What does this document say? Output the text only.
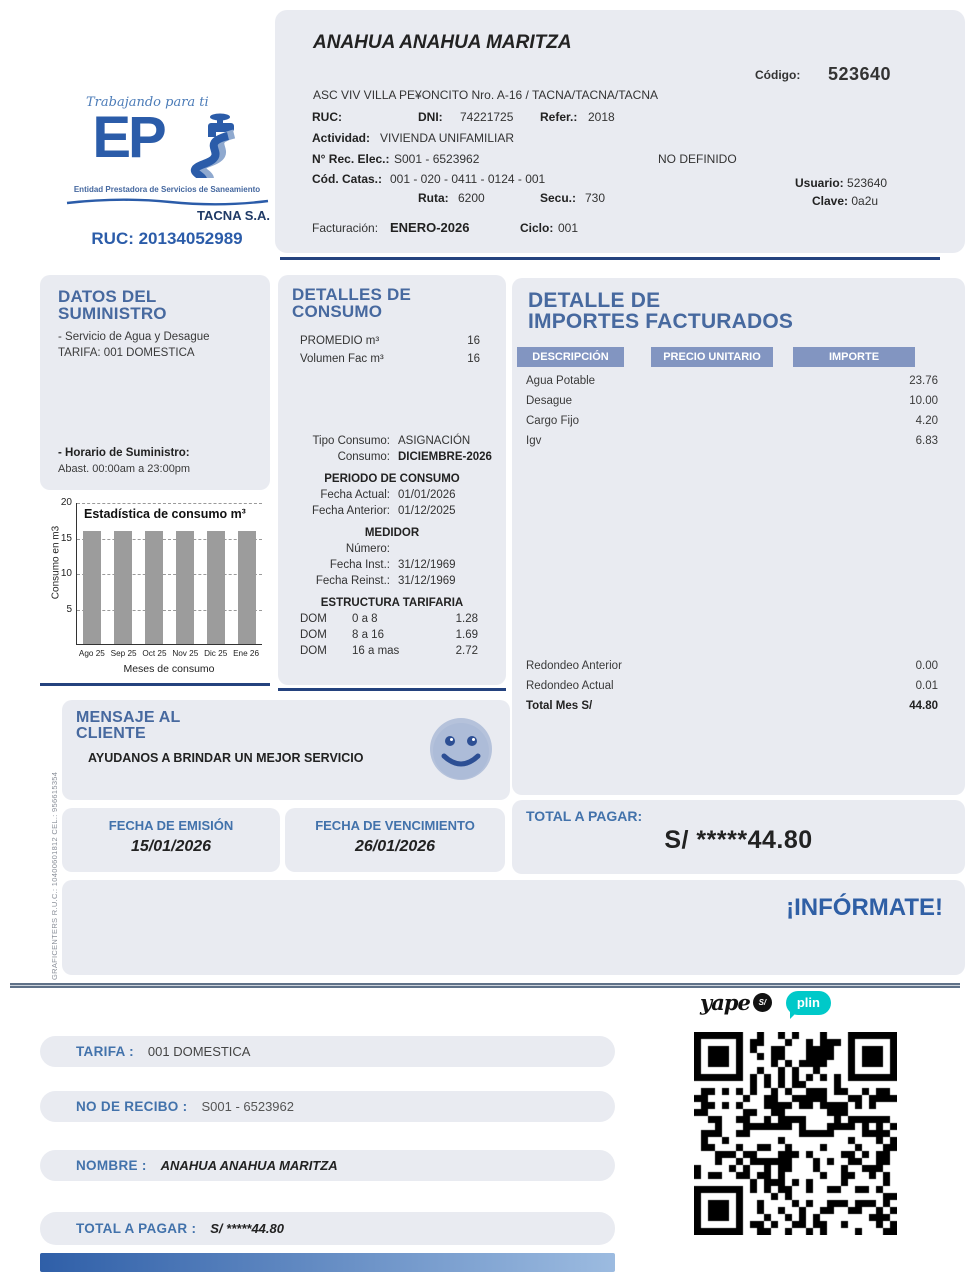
Trabajando para ti
EP
Entidad Prestadora de Servicios de Saneamiento
TACNA S.A.
RUC: 20134052989
ANAHUA ANAHUA MARITZA
Código: 523640
ASC VIV VILLA PE¥ONCITO Nro. A-16 / TACNA/TACNA/TACNA
RUC:	DNI: 74221725 Refer.: 2018
Actividad: VIVIENDA UNIFAMILIAR
N° Rec. Elec.: S001 - 6523962	NO DEFINIDO
Cód. Catas.: 001 - 020 - 0411 - 0124 - 001
Ruta: 6200	Secu.: 730
Usuario: 523640
Clave: 0a2u
Facturación: ENERO-2026	Ciclo: 001
DATOS DEL
SUMINISTRO
- Servicio de Agua y Desague
TARIFA: 001 DOMESTICA
- Horario de Suministro:
Abast. 00:00am a 23:00pm
Consumo en m3
Estadística de consumo m³
Ago 25 Sep 25 Oct 25 Nov 25 Dic 25 Ene 26
Meses de consumo
20
15
10
5
DETALLES DE
CONSUMO
PROMEDIO m³	16
Volumen Fac m³	16
Tipo Consumo: ASIGNACIÓN
Consumo: DICIEMBRE-2026
PERIODO DE CONSUMO
Fecha Actual: 01/01/2026
Fecha Anterior: 01/12/2025
MEDIDOR
Número:
Fecha Inst.: 31/12/1969
Fecha Reinst.: 31/12/1969
ESTRUCTURA TARIFARIA
DOM	0 a 8	1.28
DOM	8 a 16	1.69
DOM	16 a mas	2.72
DETALLE DE
IMPORTES FACTURADOS
DESCRIPCIÓN	PRECIO UNITARIO	IMPORTE
Agua Potable	23.76
Desague	10.00
Cargo Fijo	4.20
Igv	6.83
Redondeo Anterior	0.00
Redondeo Actual	0.01
Total Mes S/	44.80
MENSAJE AL
CLIENTE
AYUDANOS A BRINDAR UN MEJOR SERVICIO
FECHA DE EMISIÓN
15/01/2026
FECHA DE VENCIMIENTO
26/01/2026
TOTAL A PAGAR:
S/ *****44.80
¡INFÓRMATE!
GRAFICENTERS R.U.C.: 10400601812 CEL.: 956615354
yape	S/	plin
TARIFA : 001 DOMESTICA
NO DE RECIBO : S001 - 6523962
NOMBRE : ANAHUA ANAHUA MARITZA
TOTAL A PAGAR : S/ *****44.80
